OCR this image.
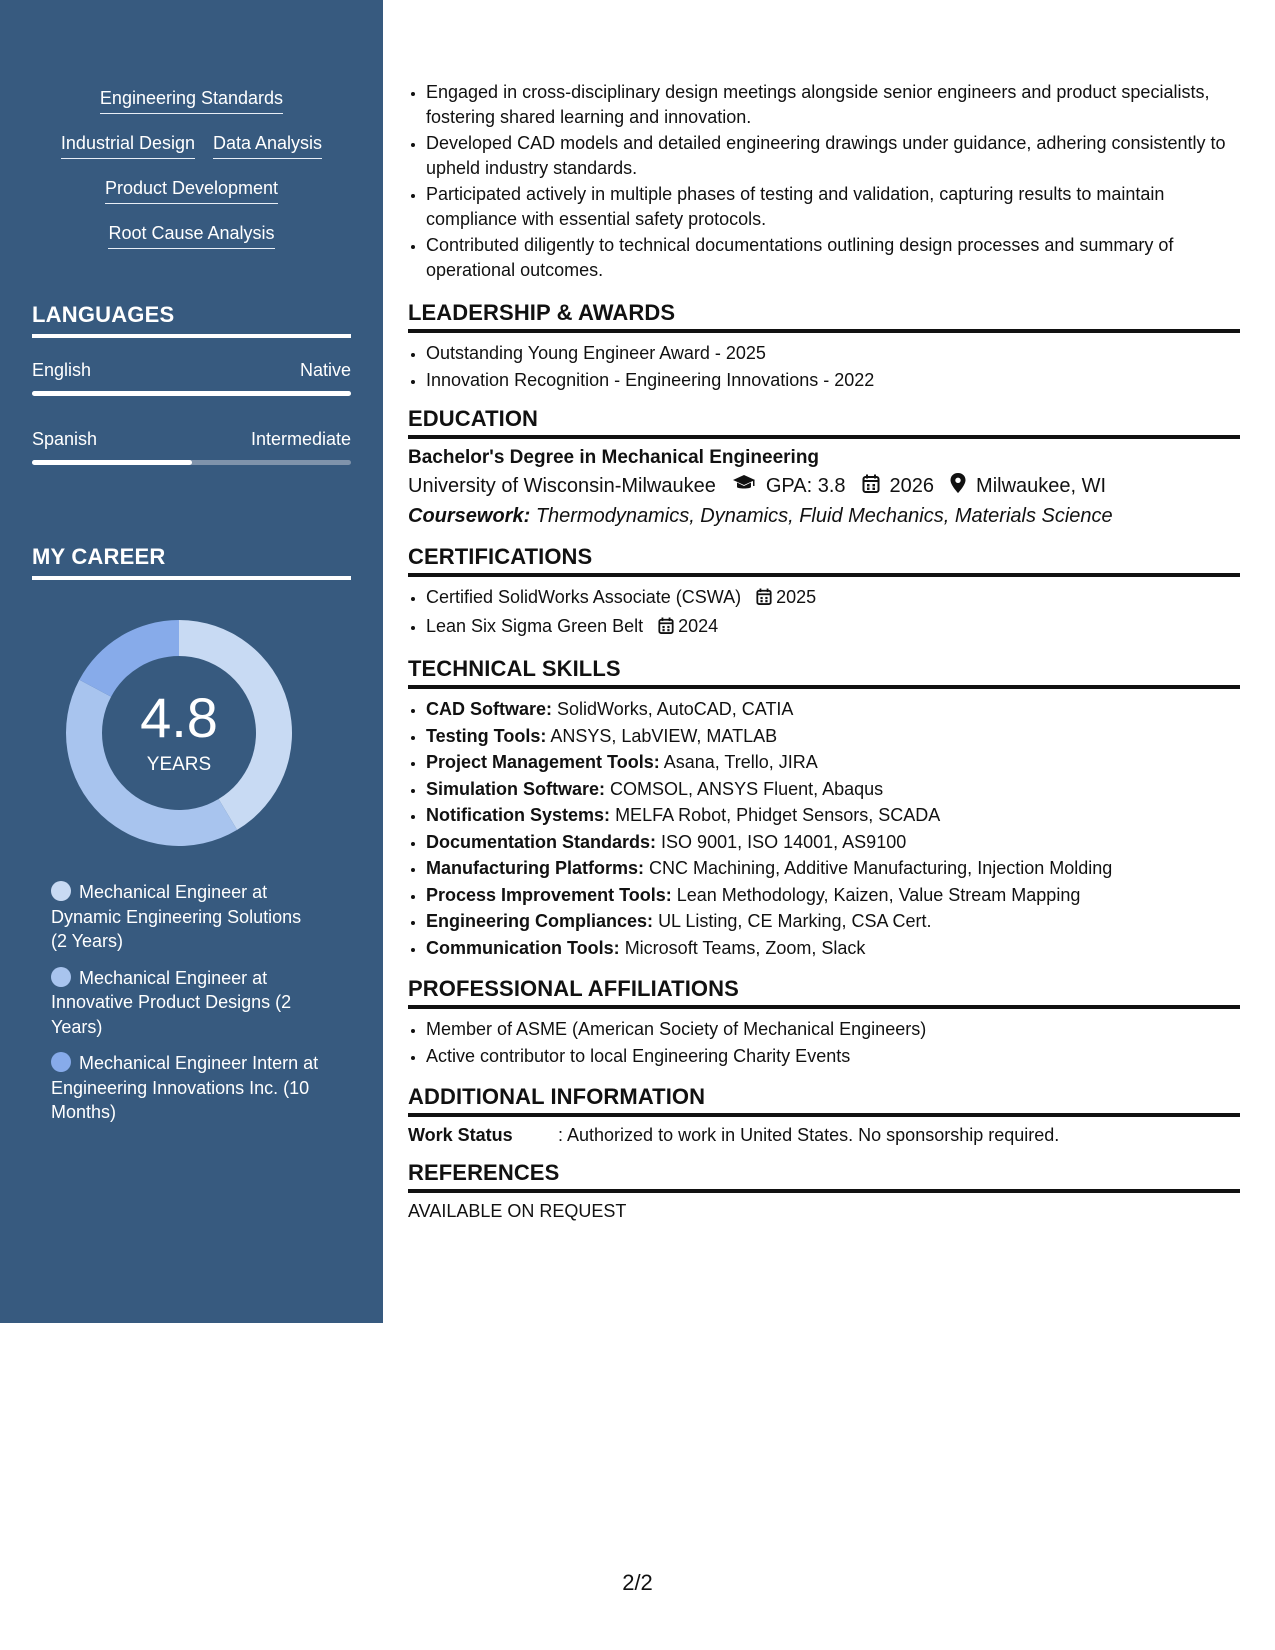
Engineering Standards
Industrial Design Data Analysis
Product Development
Root Cause Analysis
LANGUAGES
English	Native
Spanish	Intermediate
MY CAREER
4.8
YEARS
Mechanical Engineer at Dynamic Engineering Solutions (2 Years)
Mechanical Engineer at Innovative Product Designs (2 Years)
Mechanical Engineer Intern at Engineering Innovations Inc. (10 Months)
• Engaged in cross-disciplinary design meetings alongside senior engineers and product specialists, fostering shared learning and innovation.
• Developed CAD models and detailed engineering drawings under guidance, adhering consistently to upheld industry standards.
• Participated actively in multiple phases of testing and validation, capturing results to maintain compliance with essential safety protocols.
• Contributed diligently to technical documentations outlining design processes and summary of operational outcomes.
LEADERSHIP & AWARDS
• Outstanding Young Engineer Award - 2025
• Innovation Recognition - Engineering Innovations - 2022
EDUCATION
Bachelor's Degree in Mechanical Engineering
University of Wisconsin-Milwaukee	GPA: 3.8 2026 Milwaukee, WI
Coursework: Thermodynamics, Dynamics, Fluid Mechanics, Materials Science
CERTIFICATIONS
• Certified SolidWorks Associate (CSWA) 2025
• Lean Six Sigma Green Belt 2024
TECHNICAL SKILLS
• CAD Software: SolidWorks, AutoCAD, CATIA
• Testing Tools: ANSYS, LabVIEW, MATLAB
• Project Management Tools: Asana, Trello, JIRA
• Simulation Software: COMSOL, ANSYS Fluent, Abaqus
• Notification Systems: MELFA Robot, Phidget Sensors, SCADA
• Documentation Standards: ISO 9001, ISO 14001, AS9100
• Manufacturing Platforms: CNC Machining, Additive Manufacturing, Injection Molding
• Process Improvement Tools: Lean Methodology, Kaizen, Value Stream Mapping
• Engineering Compliances: UL Listing, CE Marking, CSA Cert.
• Communication Tools: Microsoft Teams, Zoom, Slack
PROFESSIONAL AFFILIATIONS
• Member of ASME (American Society of Mechanical Engineers)
• Active contributor to local Engineering Charity Events
ADDITIONAL INFORMATION
Work Status	: Authorized to work in United States. No sponsorship required.
REFERENCES
AVAILABLE ON REQUEST
2/2
